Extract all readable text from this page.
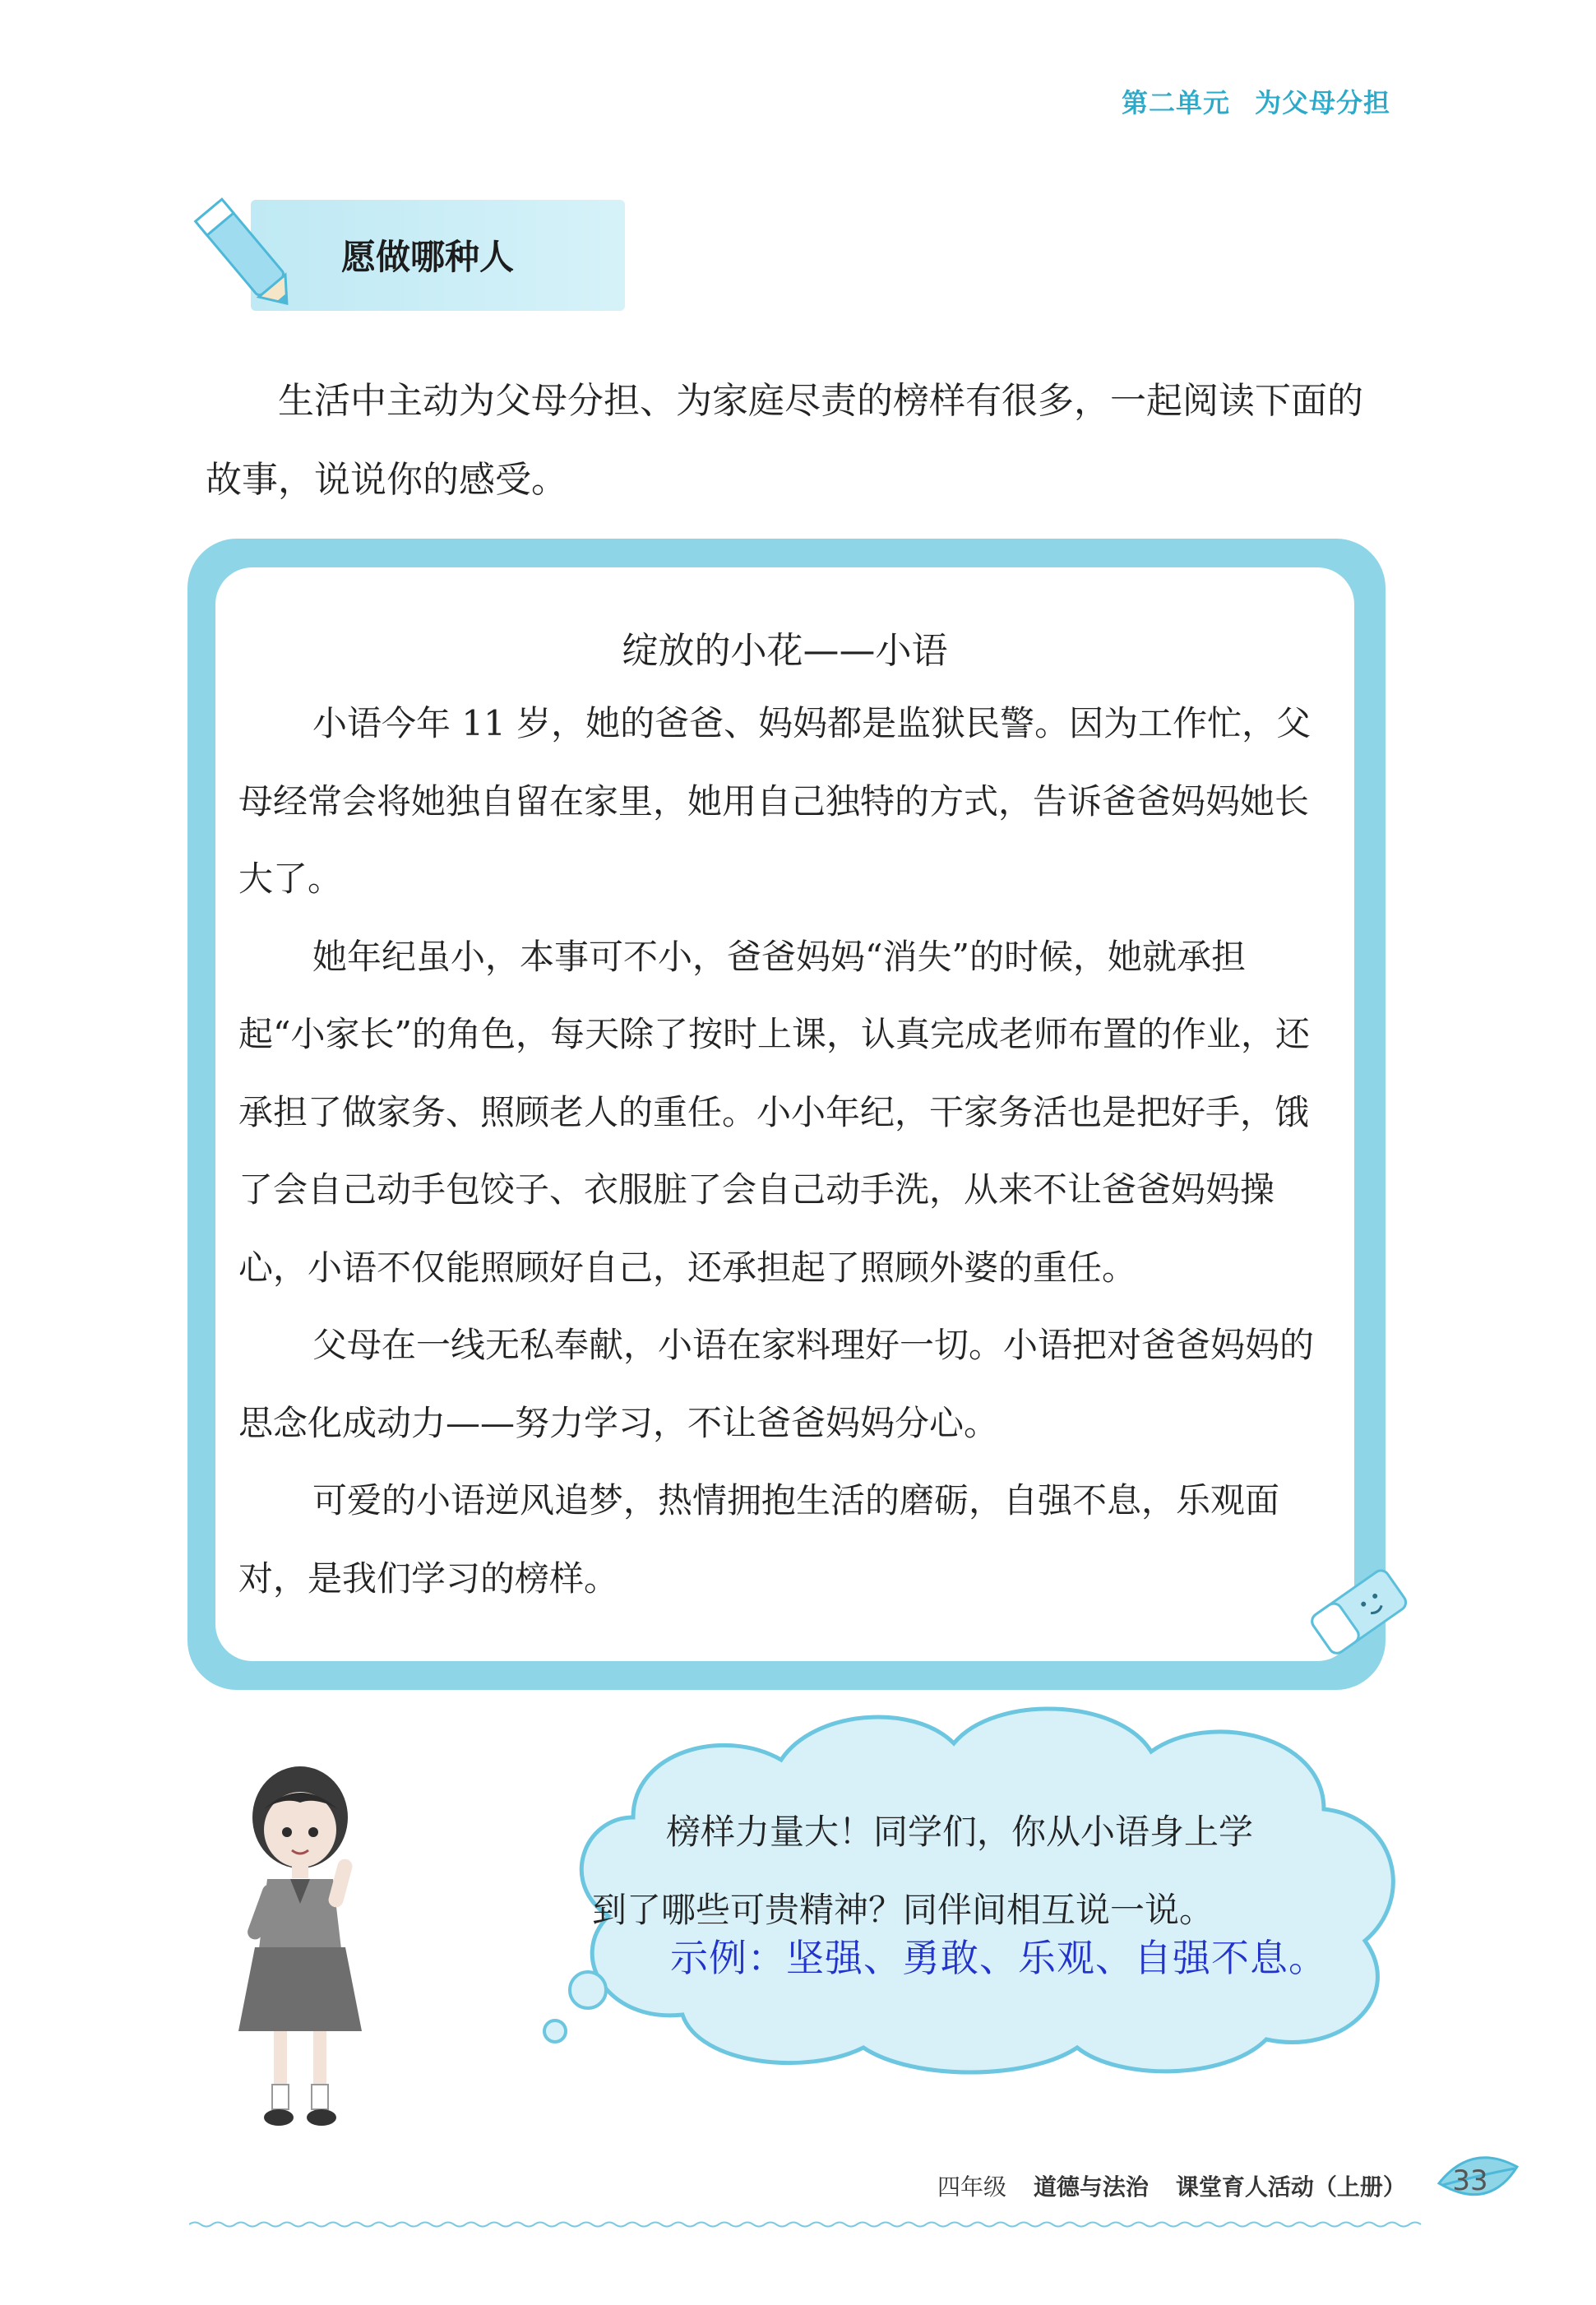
第二单元 为父母分担
愿做哪种人
生活中主动为父母分担、为家庭尽责的榜样有很多，一起阅读下面的故事，说说你的感受。
绽放的小花——小语

小语今年 11 岁，她的爸爸、妈妈都是监狱民警。因为工作忙，父母经常会将她独自留在家里，她用自己独特的方式，告诉爸爸妈妈她长大了。

她年纪虽小，本事可不小，爸爸妈妈“消失”的时候，她就承担起“小家长”的角色，每天除了按时上课，认真完成老师布置的作业，还承担了做家务、照顾老人的重任。小小年纪，干家务活也是把好手，饿了会自己动手包饺子、衣服脏了会自己动手洗，从来不让爸爸妈妈操心，小语不仅能照顾好自己，还承担起了照顾外婆的重任。

父母在一线无私奉献，小语在家料理好一切。小语把对爸爸妈妈的思念化成动力——努力学习，不让爸爸妈妈分心。

可爱的小语逆风追梦，热情拥抱生活的磨砺，自强不息，乐观面对，是我们学习的榜样。

榜样力量大！同学们，你从小语身上学
到了哪些可贵精神？同伴间相互说一说。
示例：坚强、勇敢、乐观、自强不息。
四年级 道德与法治 课堂育人活动（上册）	33
